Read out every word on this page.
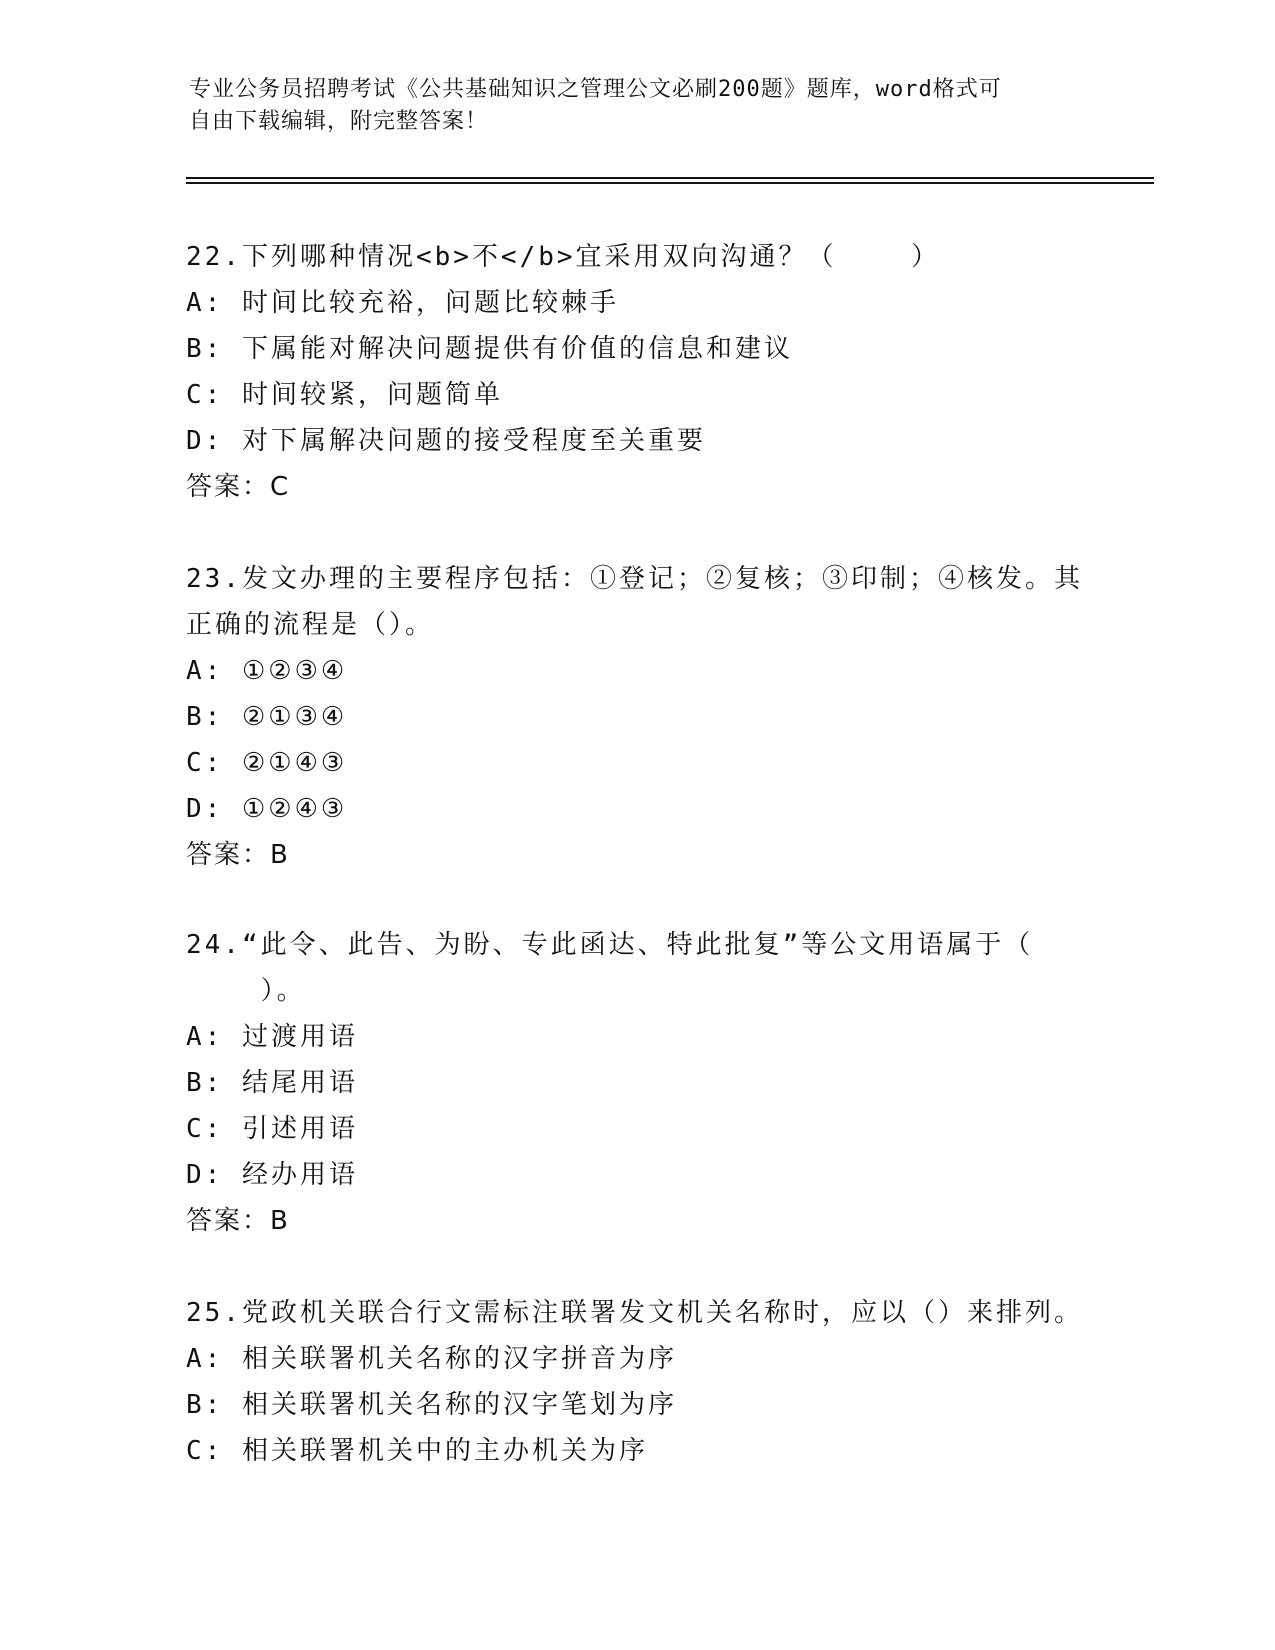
专业公务员招聘考试《公共基础知识之管理公文必刷200题》题库，word格式可
自由下载编辑，附完整答案！
22.下列哪种情况<b>不</b>宜采用双向沟通？（    ）
A: 时间比较充裕，问题比较棘手
B: 下属能对解决问题提供有价值的信息和建议
C: 时间较紧，问题简单
D: 对下属解决问题的接受程度至关重要
答案：C
23.发文办理的主要程序包括：①登记；②复核；③印制；④核发。其正确的流程是（）。
A: ①②③④
B: ②①③④
C: ②①④③
D: ①②④③
答案：B
24.“此令、此告、为盼、专此函达、特此批复”等公文用语属于（
）。
A: 过渡用语
B: 结尾用语
C: 引述用语
D: 经办用语
答案：B
25.党政机关联合行文需标注联署发文机关名称时，应以（）来排列。
A: 相关联署机关名称的汉字拼音为序
B: 相关联署机关名称的汉字笔划为序
C: 相关联署机关中的主办机关为序
